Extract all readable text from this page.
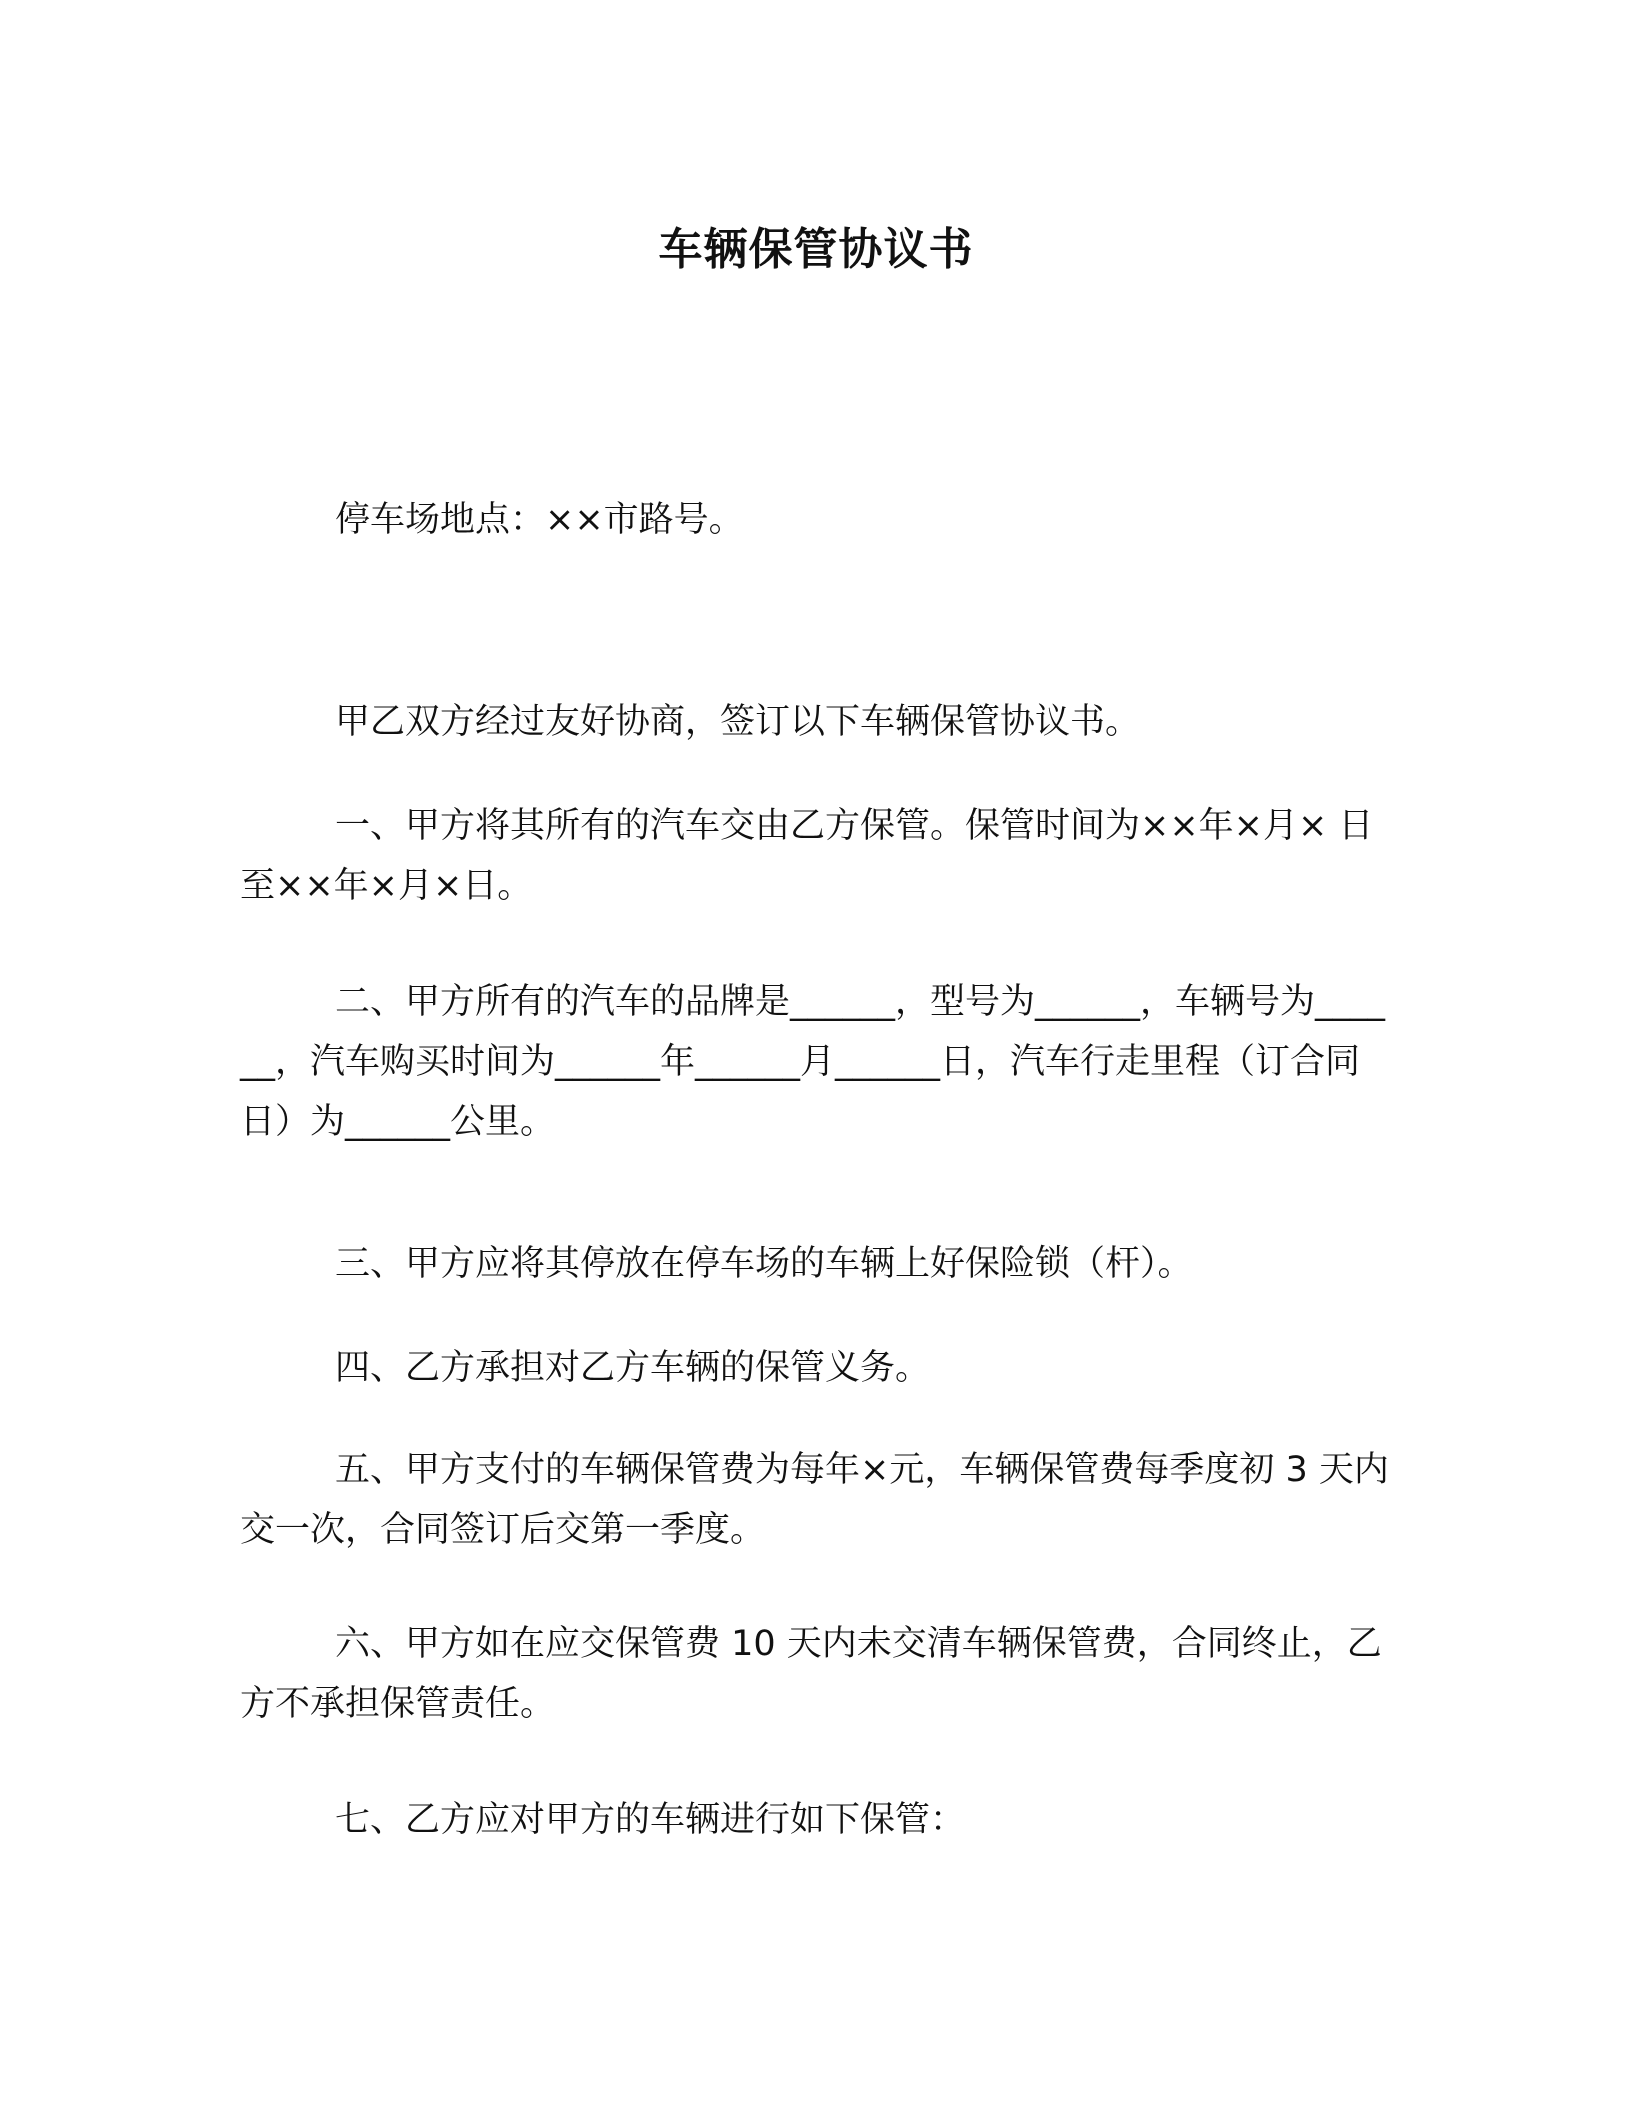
车辆保管协议书
停车场地点：××市路号。
甲乙双方经过友好协商，签订以下车辆保管协议书。
一、甲方将其所有的汽车交由乙方保管。保管时间为××年×月× 日至××年×月×日。
二、甲方所有的汽车的品牌是______，型号为______，车辆号为______，汽车购买时间为______年______月______日，汽车行走里程（订合同日）为______公里。
三、甲方应将其停放在停车场的车辆上好保险锁（杆）。
四、乙方承担对乙方车辆的保管义务。
五、甲方支付的车辆保管费为每年×元，车辆保管费每季度初 3 天内交一次，合同签订后交第一季度。
六、甲方如在应交保管费 10 天内未交清车辆保管费，合同终止，乙方不承担保管责任。
七、乙方应对甲方的车辆进行如下保管：
